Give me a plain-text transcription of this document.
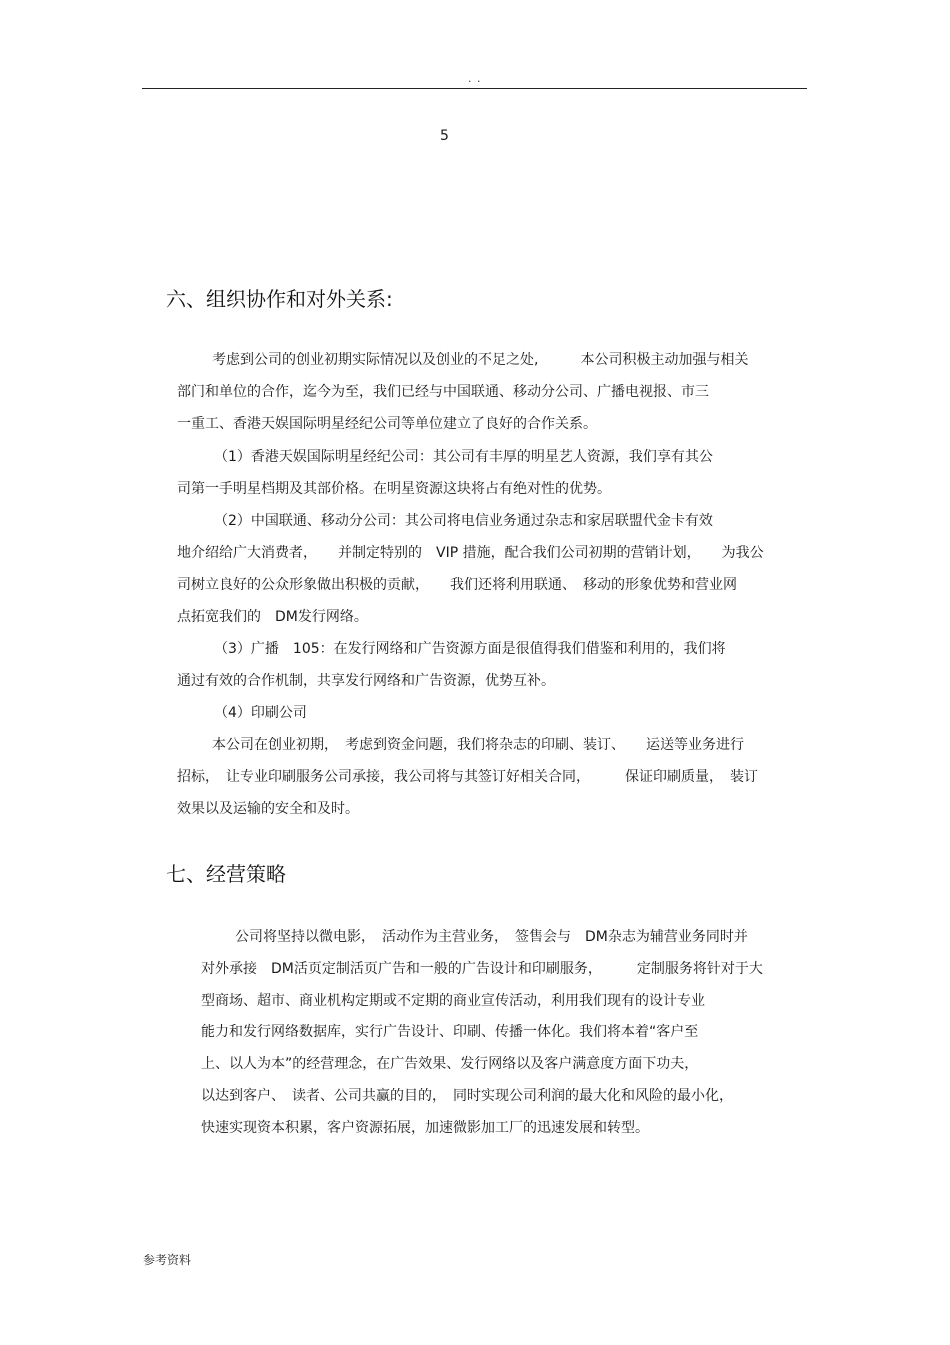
. .
5
六、组织协作和对外关系:
考虑到公司的创业初期实际情况以及创业的不足之处,　　　本公司积极主动加强与相关
部门和单位的合作，迄今为至，我们已经与中国联通、移动分公司、广播电视报、市三
一重工、香港天娱国际明星经纪公司等单位建立了良好的合作关系。
（1）香港天娱国际明星经纪公司：其公司有丰厚的明星艺人资源，我们享有其公
司第一手明星档期及其部价格。在明星资源这块将占有绝对性的优势。
（2）中国联通、移动分公司：其公司将电信业务通过杂志和家居联盟代金卡有效
地介绍给广大消费者，　　并制定特别的　VIP 措施，配合我们公司初期的营销计划，　　为我公
司树立良好的公众形象做出积极的贡献，　　我们还将利用联通、　移动的形象优势和营业网
点拓宽我们的　DM发行网络。
（3）广播　105：在发行网络和广告资源方面是很值得我们借鉴和利用的，我们将
通过有效的合作机制，共享发行网络和广告资源，优势互补。
（4）印刷公司
本公司在创业初期，　考虑到资金问题，我们将杂志的印刷、装订、　　运送等业务进行
招标，　让专业印刷服务公司承接，我公司将与其签订好相关合同，　　　保证印刷质量，　装订
效果以及运输的安全和及时。
七、经营策略
公司将坚持以微电影，　活动作为主营业务，　签售会与　DM杂志为辅营业务同时并
对外承接　DM活页定制活页广告和一般的广告设计和印刷服务，　　　定制服务将针对于大
型商场、超市、商业机构定期或不定期的商业宣传活动，利用我们现有的设计专业
能力和发行网络数据库，实行广告设计、印刷、传播一体化。我们将本着“客户至
上、以人为本”的经营理念，在广告效果、发行网络以及客户满意度方面下功夫，
以达到客户、　读者、公司共赢的目的，　同时实现公司利润的最大化和风险的最小化，
快速实现资本积累，客户资源拓展，加速微影加工厂的迅速发展和转型。
参考资料
